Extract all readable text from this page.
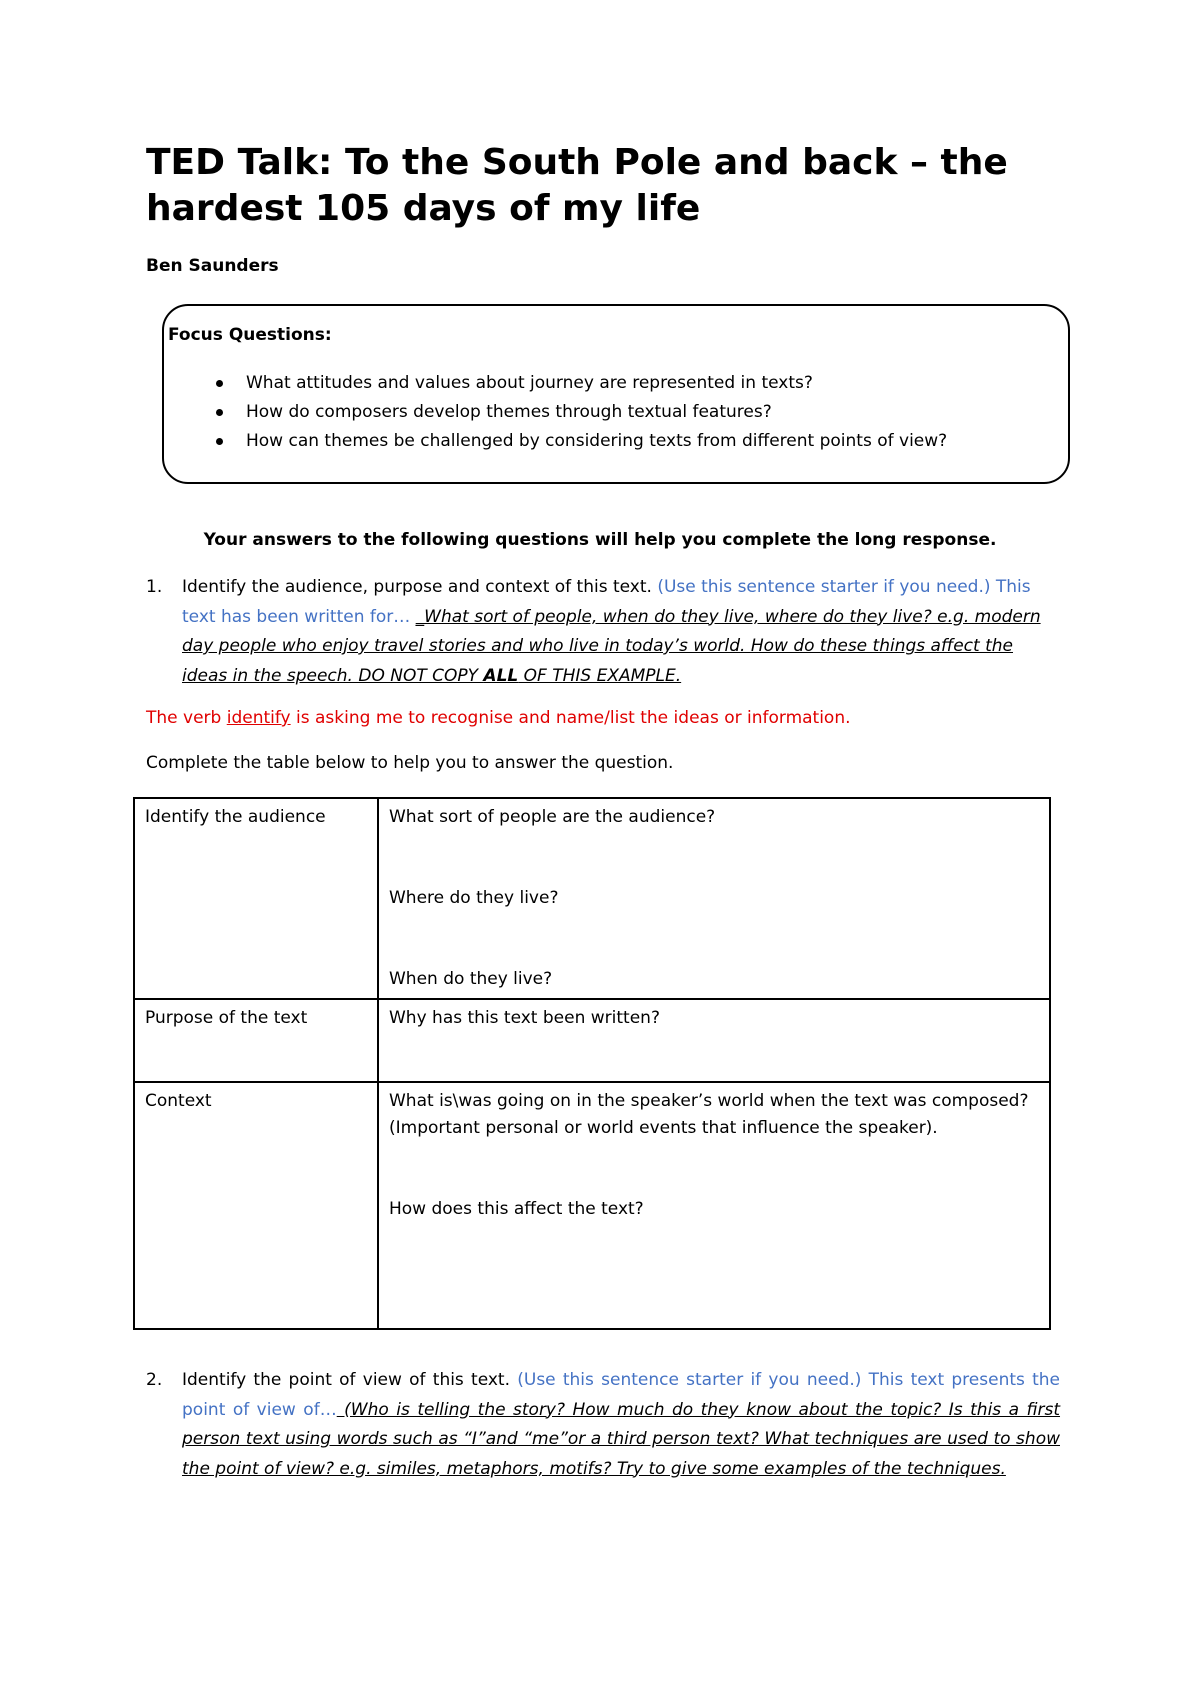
TED Talk: To the South Pole and back – the hardest 105 days of my life

Ben Saunders

Focus Questions:

What attitudes and values about journey are represented in texts?
How do composers develop themes through textual features?
How can themes be challenged by considering texts from different points of view?

Your answers to the following questions will help you complete the long response.

1. Identify the audience, purpose and context of this text. (Use this sentence starter if you need.) This text has been written for… _What sort of people, when do they live, where do they live? e.g. modern day people who enjoy travel stories and who live in today’s world. How do these things affect the ideas in the speech. DO NOT COPY ALL OF THIS EXAMPLE.

The verb identify is asking me to recognise and name/list the ideas or information.

Complete the table below to help you to answer the question.

Identify the audience	What sort of people are the audience?
Where do they live?
When do they live?

Purpose of the text	Why has this text been written?

Context	What is\was going on in the speaker’s world when the text was composed? (Important personal or world events that influence the speaker).
How does this affect the text?

2. Identify the point of view of this text. (Use this sentence starter if you need.) This text presents the point of view of… (Who is telling the story? How much do they know about the topic? Is this a first person text using words such as “I”and “me”or a third person text? What techniques are used to show the point of view? e.g. similes, metaphors, motifs? Try to give some examples of the techniques.
